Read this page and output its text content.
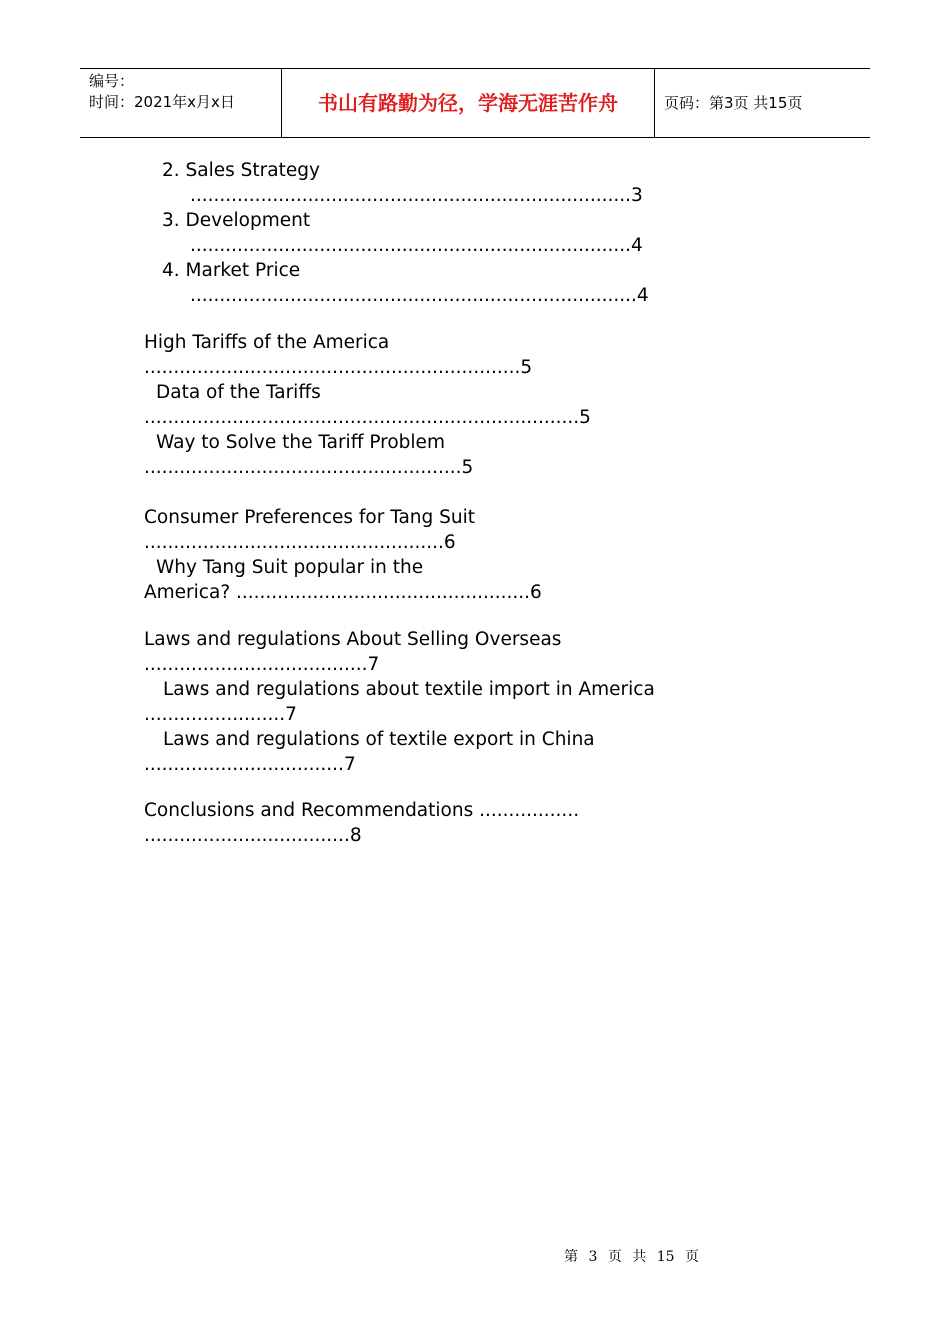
编号：
时间：2021年x月x日	书山有路勤为径，学海无涯苦作舟	页码：第3页 共15页
2. Sales Strategy
...........................................................................3
3. Development
...........................................................................4
4. Market Price
............................................................................4
High Tariffs of the America
................................................................5
Data of the Tariffs
..........................................................................5
Way to Solve the Tariff Problem
......................................................5
Consumer Preferences for Tang Suit
...................................................6
Why Tang Suit popular in the
America? ..................................................6
Laws and regulations About Selling Overseas
......................................7
Laws and regulations about textile import in America
........................7
Laws and regulations of textile export in China
..................................7
Conclusions and Recommendations .................
...................................8
第 3 页 共 15 页
